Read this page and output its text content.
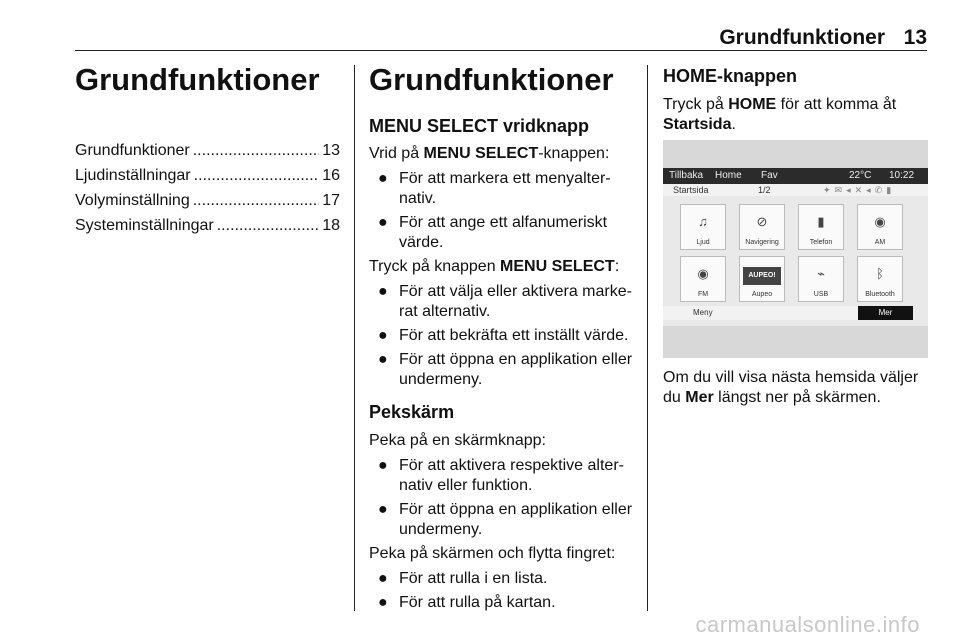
Grundfunktioner 13
Grundfunktioner
Grundfunktioner .....	13
Ljudinställningar .....	16
Volyminställning .....	17
Systeminställningar .....	18
Grundfunktioner
MENU SELECT vridknapp

Vrid på MENU SELECT-knappen:

● För att markera ett menyalternativ.
● För att ange ett alfanumeriskt värde.

Tryck på knappen MENU SELECT:

● För att välja eller aktivera markerat alternativ.
● För att bekräfta ett inställt värde.
● För att öppna en applikation eller undermeny.
Pekskärm

Peka på en skärmknapp:

● För att aktivera respektive alternativ eller funktion.
● För att öppna en applikation eller undermeny.

Peka på skärmen och flytta fingret:

● För att rulla i en lista.
● För att rulla på kartan.
HOME-knappen

Tryck på HOME för att komma åt Startsida.

Tillbaka Home Fav	22°C 10:22
Startsida	1/2	✦✉◂✕◂✆▮
♫
Ljud
⊘
Navigering
▮
Telefon
◉
AM
◉
FM
AUPEO!
Aupeo
⌁
USB
ᛒ
Bluetooth
Meny	Mer

Om du vill visa nästa hemsida väljer du Mer längst ner på skärmen.

carmanualsonline.info
